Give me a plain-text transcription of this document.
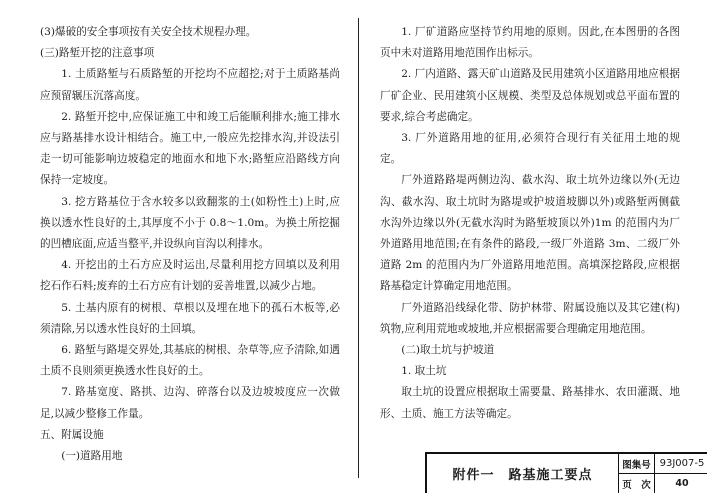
(3)爆破的安全事项按有关安全技术规程办理。

(三)路堑开挖的注意事项

1. 土质路堑与石质路堑的开挖均不应超挖;对于土质路基尚应预留辗压沉落高度。

2. 路堑开挖中,应保证施工中和竣工后能顺利排水;施工排水应与路基排水设计相结合。施工中,一般应先挖排水沟,并设法引走一切可能影响边坡稳定的地面水和地下水;路堑应沿路线方向保持一定坡度。

3. 挖方路基位于含水较多以致翻浆的土(如粉性土)上时,应换以透水性良好的土,其厚度不小于 0.8～1.0m。为换土所挖掘的凹槽底面,应适当整平,并设纵向盲沟以利排水。

4. 开挖出的土石方应及时运出,尽量利用挖方回填以及利用挖石作石料;废弃的土石方应有计划的妥善堆置,以减少占地。

5. 土基内原有的树根、草根以及埋在地下的孤石木板等,必须清除,另以透水性良好的土回填。

6. 路堑与路堤交界处,其基底的树根、杂草等,应予清除,如遇土质不良则须更换透水性良好的土。

7. 路基宽度、路拱、边沟、碎落台以及边坡坡度应一次做足,以减少整修工作量。

五、附属设施

(一)道路用地

1. 厂矿道路应坚持节约用地的原则。因此,在本图册的各图页中未对道路用地范围作出标示。

2. 厂内道路、露天矿山道路及民用建筑小区道路用地应根据厂矿企业、民用建筑小区规模、类型及总体规划或总平面布置的要求,综合考虑确定。

3. 厂外道路用地的征用,必须符合现行有关征用土地的规定。

厂外道路路堤两侧边沟、截水沟、取土坑外边缘以外(无边沟、截水沟、取土坑时为路堤或护坡道坡脚以外)或路堑两侧截水沟外边缘以外(无截水沟时为路堑坡顶以外)1m 的范围内为厂外道路用地范围;在有条件的路段,一级厂外道路 3m、二级厂外道路 2m 的范围内为厂外道路用地范围。高填深挖路段,应根据路基稳定计算确定用地范围。

厂外道路沿线绿化带、防护林带、附属设施以及其它建(构)筑物,应利用荒地或坡地,并应根据需要合理确定用地范围。

(二)取土坑与护坡道

1. 取土坑

取土坑的设置应根据取土需要量、路基排水、农田灌溉、地形、土质、施工方法等确定。

附件一　路基施工要点
图集号 93J007-5
页　次	40
